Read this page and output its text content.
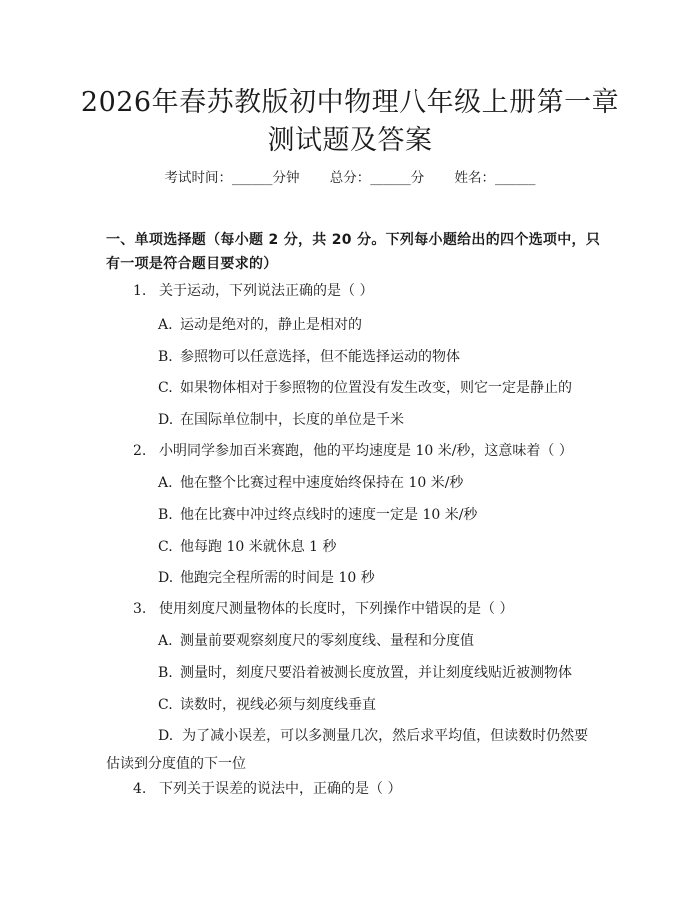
2026年春苏教版初中物理八年级上册第一章
测试题及答案
考试时间：______分钟 总分：______分 姓名：______
一、单项选择题（每小题 2 分，共 20 分。下列每小题给出的四个选项中，只有一项是符合题目要求的）
1. 关于运动，下列说法正确的是（ ）
A. 运动是绝对的，静止是相对的
B. 参照物可以任意选择，但不能选择运动的物体
C. 如果物体相对于参照物的位置没有发生改变，则它一定是静止的
D. 在国际单位制中，长度的单位是千米
2. 小明同学参加百米赛跑，他的平均速度是 10 米/秒，这意味着（ ）
A. 他在整个比赛过程中速度始终保持在 10 米/秒
B. 他在比赛中冲过终点线时的速度一定是 10 米/秒
C. 他每跑 10 米就休息 1 秒
D. 他跑完全程所需的时间是 10 秒
3. 使用刻度尺测量物体的长度时，下列操作中错误的是（ ）
A. 测量前要观察刻度尺的零刻度线、量程和分度值
B. 测量时，刻度尺要沿着被测长度放置，并让刻度线贴近被测物体
C. 读数时，视线必须与刻度线垂直
D. 为了减小误差，可以多测量几次，然后求平均值，但读数时仍然要估读到分度值的下一位
4. 下列关于误差的说法中，正确的是（ ）
